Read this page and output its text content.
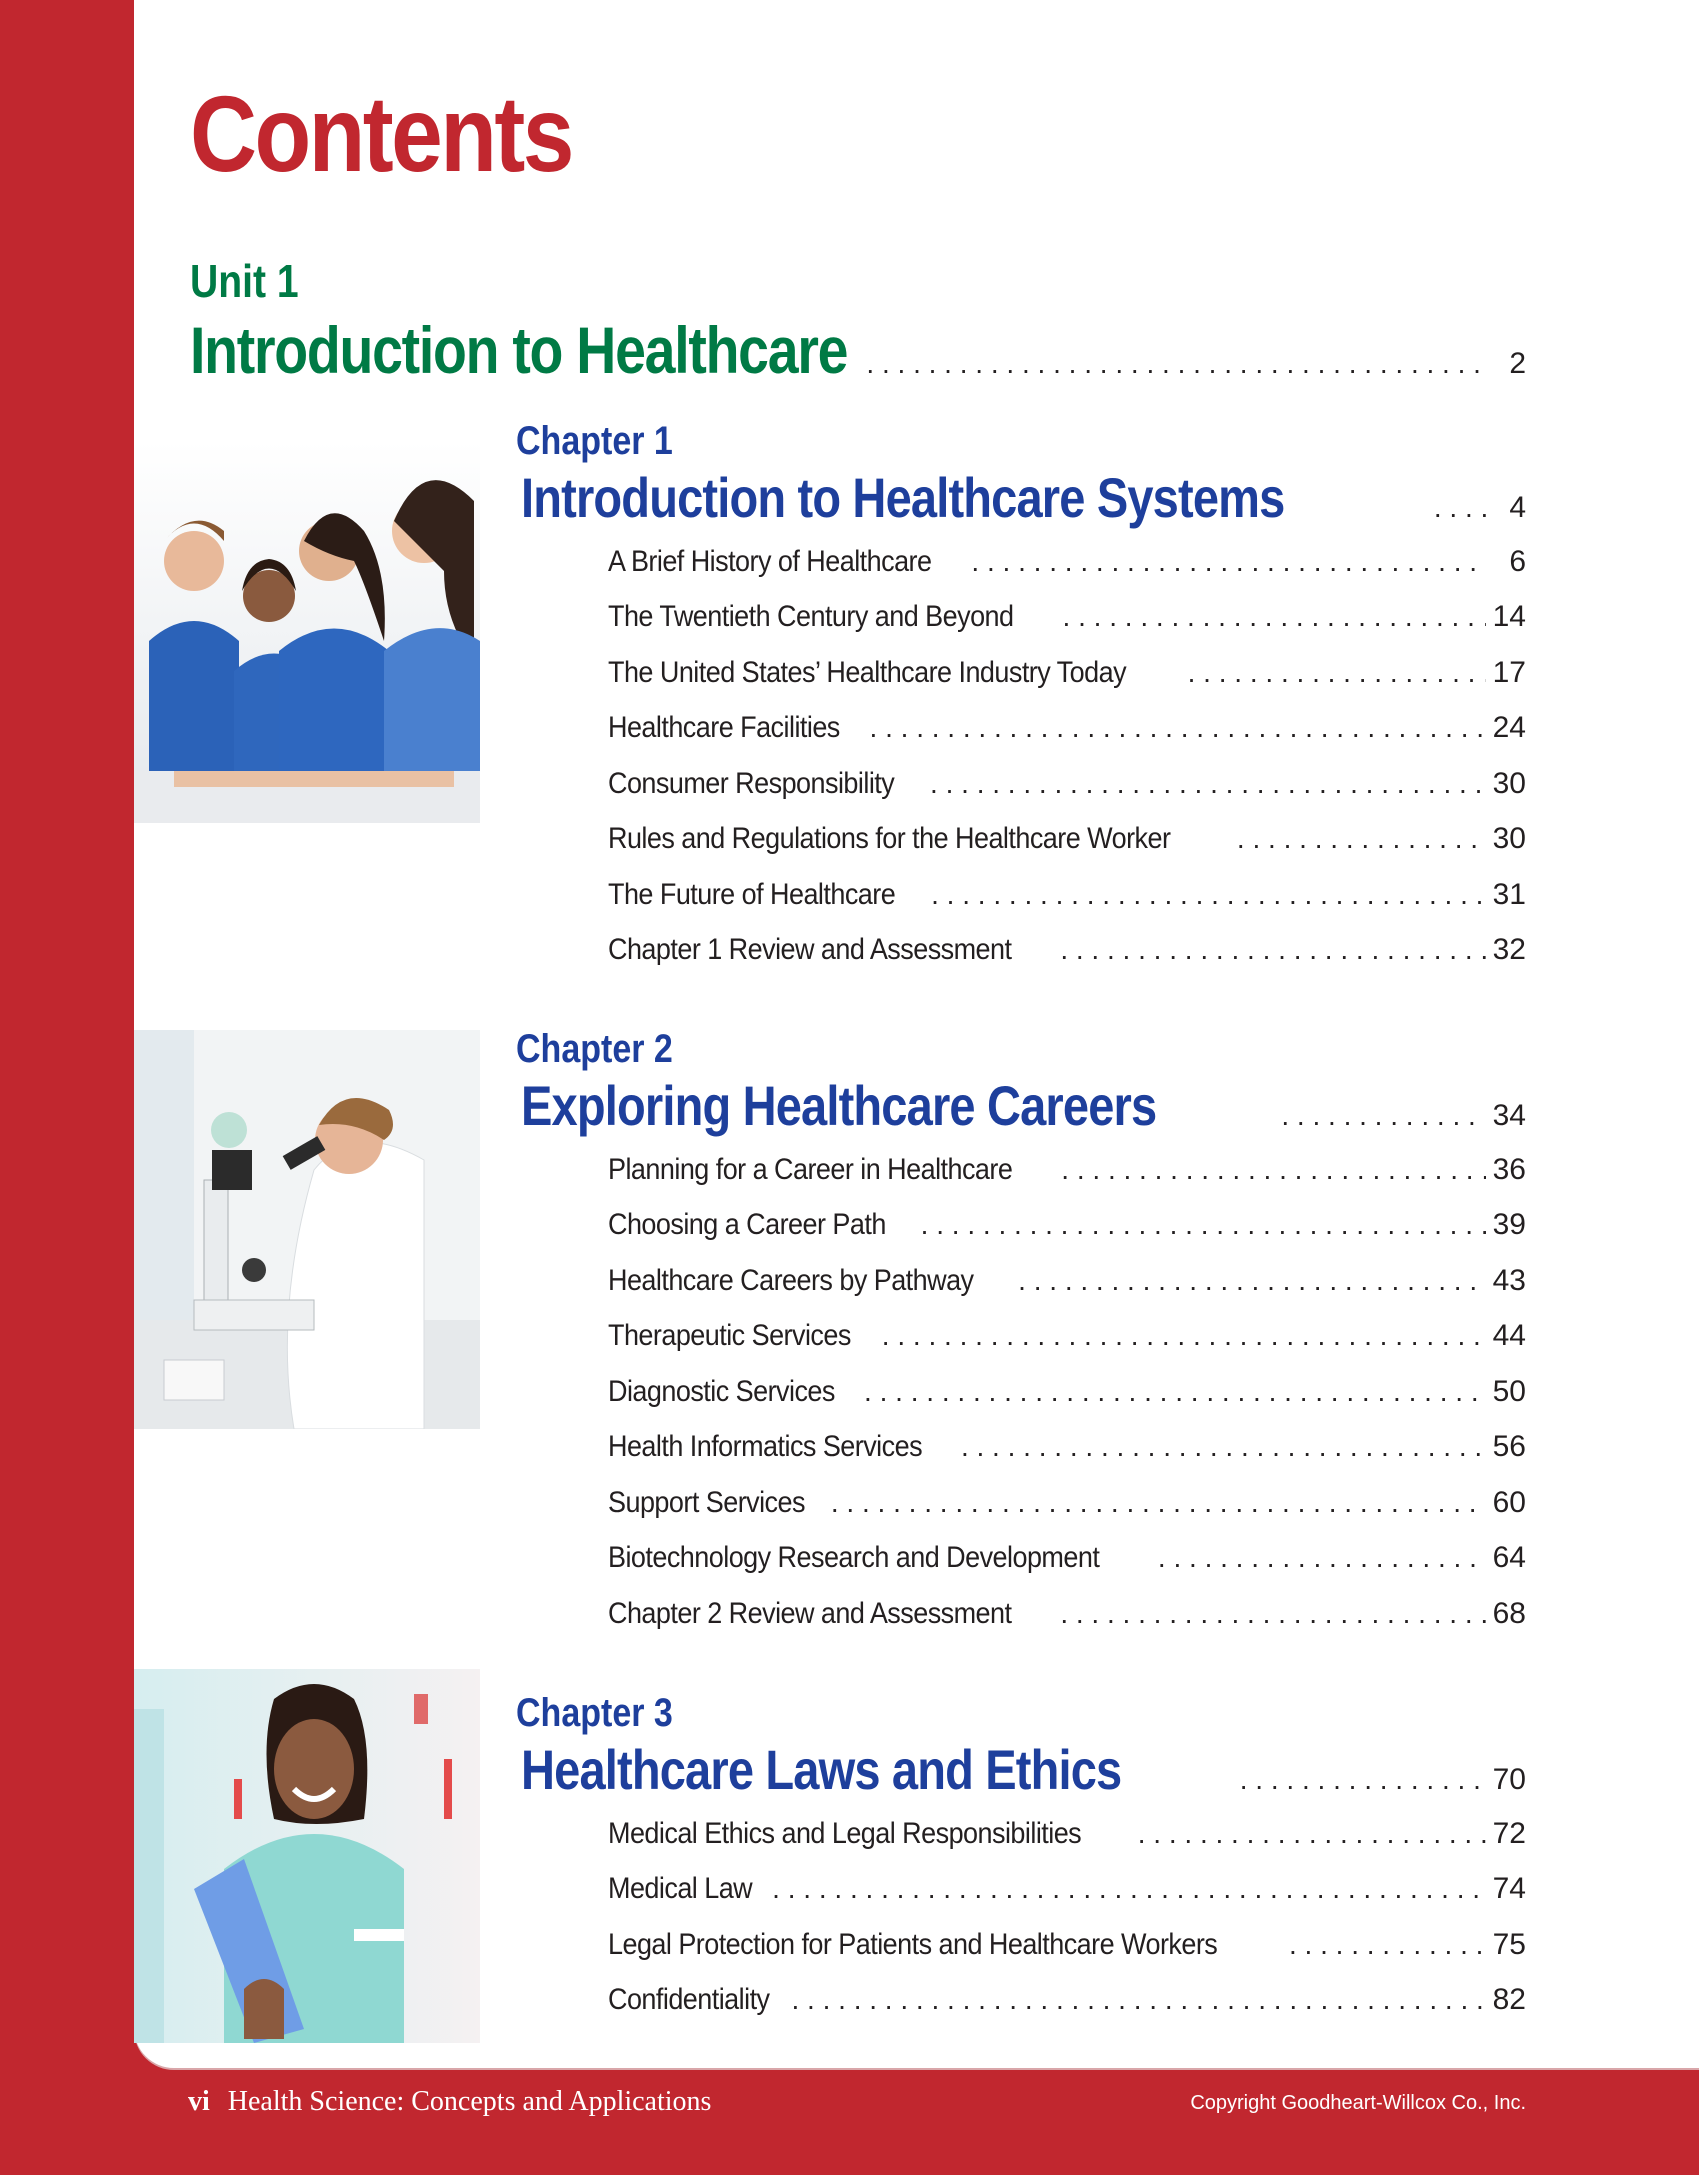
Contents
Unit 1
Introduction to Healthcare . . .	2
Chapter 1
Introduction to Healthcare Systems . . .	4
A Brief History of Healthcare . . .	6
The Twentieth Century and Beyond . . .	14
The United States’ Healthcare Industry Today . . .	17
Healthcare Facilities . . .	24
Consumer Responsibility . . .	30
Rules and Regulations for the Healthcare Worker . . .	30
The Future of Healthcare . . .	31
Chapter 1 Review and Assessment . . .	32
Chapter 2
Exploring Healthcare Careers . . .	34
Planning for a Career in Healthcare . . .	36
Choosing a Career Path . . .	39
Healthcare Careers by Pathway . . .	43
Therapeutic Services . . .	44
Diagnostic Services . . .	50
Health Informatics Services . . .	56
Support Services . . .	60
Biotechnology Research and Development . . .	64
Chapter 2 Review and Assessment . . .	68
Chapter 3
Healthcare Laws and Ethics . . .	70
Medical Ethics and Legal Responsibilities . . .	72
Medical Law . . .	74
Legal Protection for Patients and Healthcare Workers . . .	75
Confidentiality . . .	82
vi Health Science: Concepts and Applications	Copyright Goodheart-Willcox Co., Inc.
